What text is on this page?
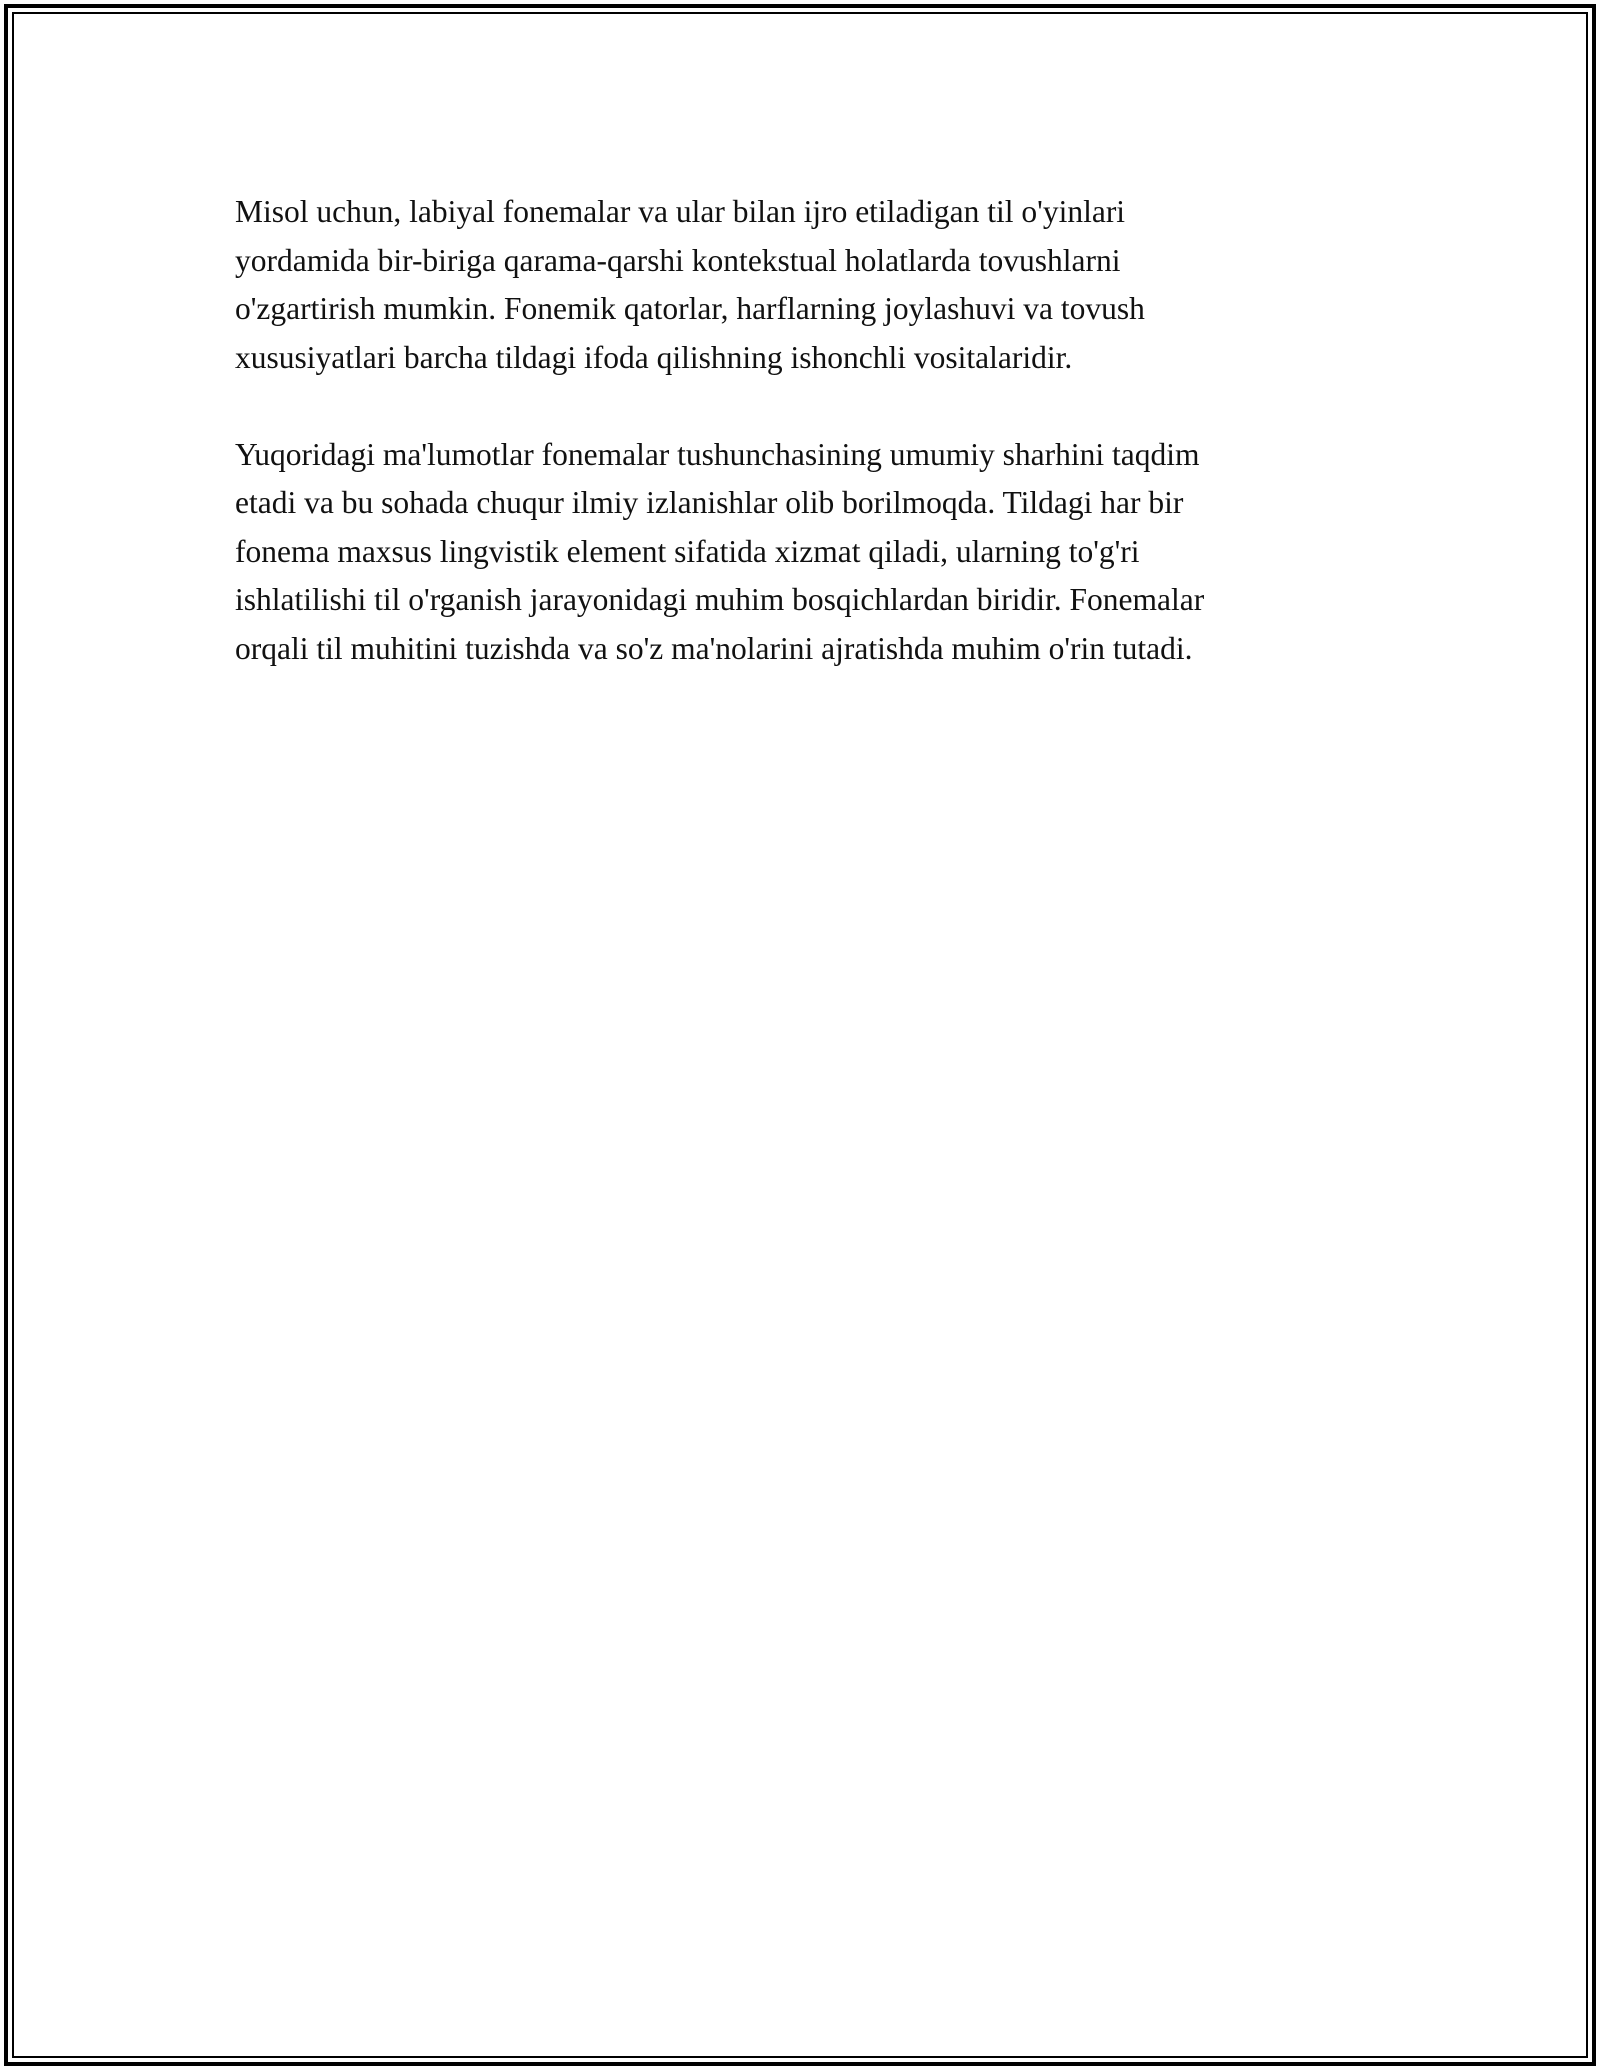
Misol uchun, labiyal fonemalar va ular bilan ijro etiladigan til o'yinlari
yordamida bir-biriga qarama-qarshi kontekstual holatlarda tovushlarni
o'zgartirish mumkin. Fonemik qatorlar, harflarning joylashuvi va tovush
xususiyatlari barcha tildagi ifoda qilishning ishonchli vositalaridir.

Yuqoridagi ma'lumotlar fonemalar tushunchasining umumiy sharhini taqdim
etadi va bu sohada chuqur ilmiy izlanishlar olib borilmoqda. Tildagi har bir
fonema maxsus lingvistik element sifatida xizmat qiladi, ularning to'g'ri
ishlatilishi til o'rganish jarayonidagi muhim bosqichlardan biridir. Fonemalar
orqali til muhitini tuzishda va so'z ma'nolarini ajratishda muhim o'rin tutadi.
